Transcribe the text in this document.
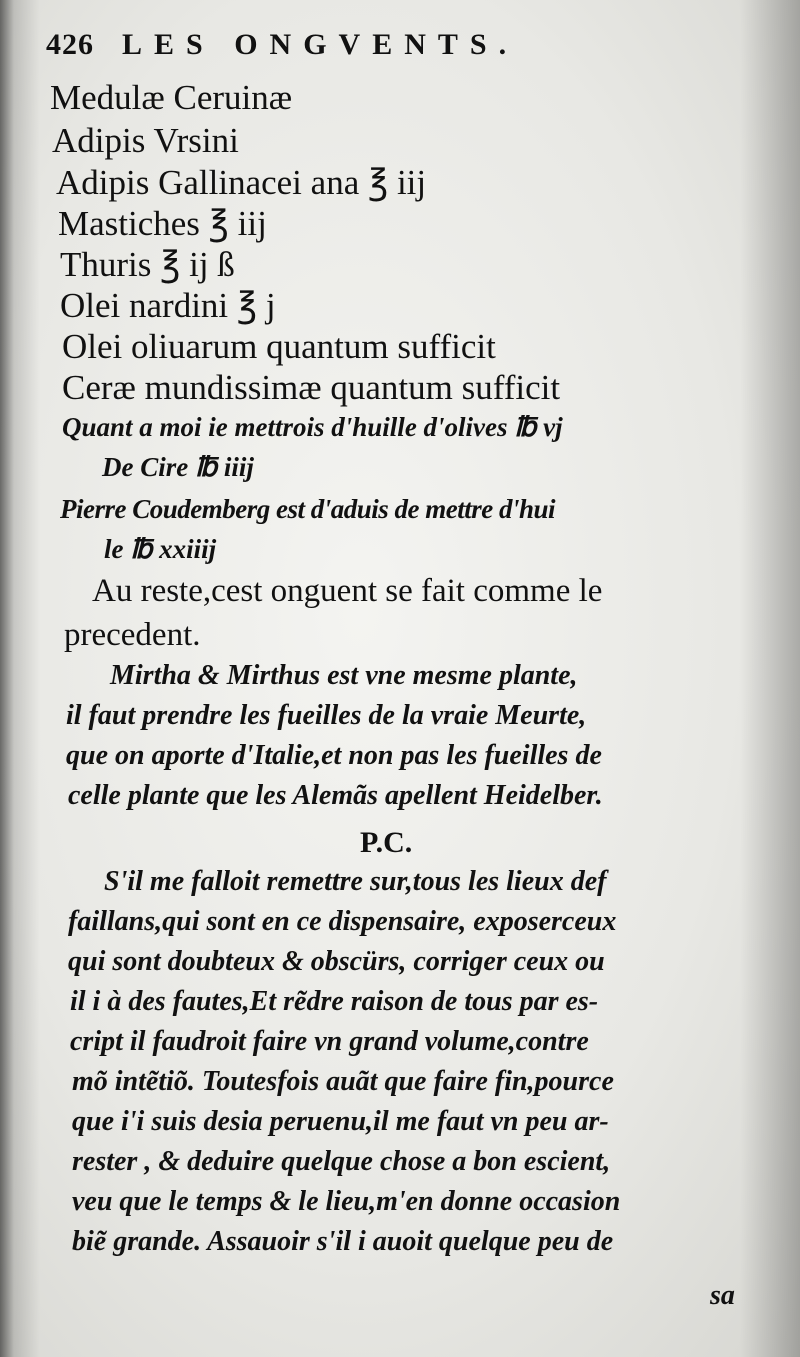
426 LES ONGVENTS.
Medulæ Ceruinæ
Adipis Vrsini
Adipis Gallinacei ana ℥ iij
Mastiches ℥ iij
Thuris ℥ ij ß
Olei nardini ℥ j
Olei oliuarum quantum sufficit
Ceræ mundissimæ quantum sufficit
Quant a moi ie mettrois d'huille d'olives ℔ vj
De Cire ℔ iiij
Pierre Coudemberg est d'aduis de mettre d'hui
le ℔ xxiiij
Au reste,cest onguent se fait comme le
precedent.
Mirtha & Mirthus est vne mesme plante,
il faut prendre les fueilles de la vraie Meurte,
que on aporte d'Italie,et non pas les fueilles de
celle plante que les Alemãs apellent Heidelber.
P.C.
S'il me falloit remettre sur,tous les lieux def
faillans,qui sont en ce dispensaire, exposerceux
qui sont doubteux & obscürs, corriger ceux ou
il i à des fautes,Et rẽdre raison de tous par es-
cript il faudroit faire vn grand volume,contre
mõ intẽtiõ. Toutesfois auãt que faire fin,pource
que i'i suis desia peruenu,il me faut vn peu ar-
rester , & deduire quelque chose a bon escient,
veu que le temps & le lieu,m'en donne occasion
biẽ grande. Assauoir s'il i auoit quelque peu de
sa
